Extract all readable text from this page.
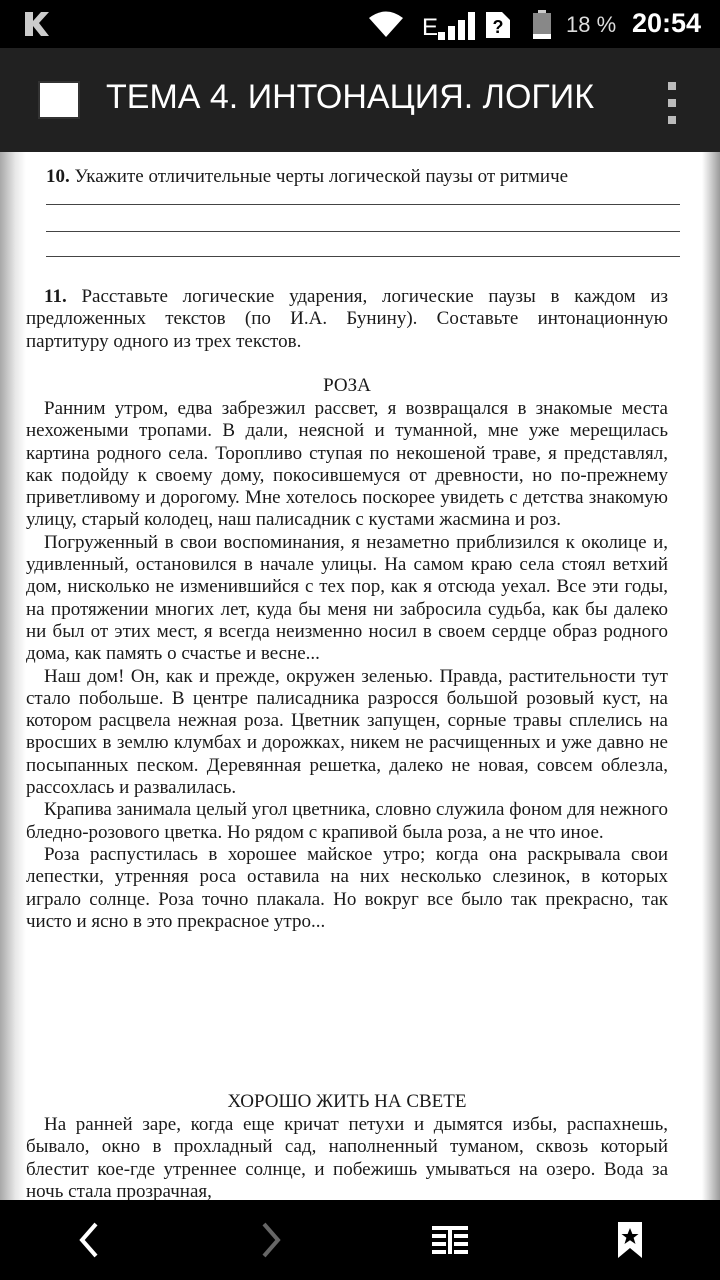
E	?	18 % 20:54
ТЕМА 4. ИНТОНАЦИЯ. ЛОГИК
10. Укажите отличительные черты логической паузы от ритмиче
11. Расставьте логические ударения, логические паузы в каждом из предложенных текстов (по И.А. Бунину). Составьте интонационную партитуру одного из трех текстов.
РОЗА

Ранним утром, едва забрезжил рассвет, я возвращался в знакомые места нехожеными тропами. В дали, неясной и туманной, мне уже мерещилась картина родного села. Торопливо ступая по некошеной траве, я представлял, как подойду к своему дому, покосившемуся от древности, но по-прежнему приветливому и дорогому. Мне хотелось поскорее увидеть с детства знакомую улицу, старый колодец, наш палисадник с кустами жасмина и роз.

Погруженный в свои воспоминания, я незаметно приблизился к околице и, удивленный, остановился в начале улицы. На самом краю села стоял ветхий дом, нисколько не изменившийся с тех пор, как я отсюда уехал. Все эти годы, на протяжении многих лет, куда бы меня ни забросила судьба, как бы далеко ни был от этих мест, я всегда неизменно носил в своем сердце образ родного дома, как память о счастье и весне...

Наш дом! Он, как и прежде, окружен зеленью. Правда, растительности тут стало побольше. В центре палисадника разросся большой розовый куст, на котором расцвела нежная роза. Цветник запущен, сорные травы сплелись на вросших в землю клумбах и дорожках, никем не расчищенных и уже давно не посыпанных песком. Деревянная решетка, далеко не новая, совсем облезла, рассохлась и развалилась.

Крапива занимала целый угол цветника, словно служила фоном для нежного бледно-розового цветка. Но рядом с крапивой была роза, а не что иное.

Роза распустилась в хорошее майское утро; когда она раскрывала свои лепестки, утренняя роса оставила на них несколько слезинок, в которых играло солнце. Роза точно плакала. Но вокруг все было так прекрасно, так чисто и ясно в это прекрасное утро...

ХОРОШО ЖИТЬ НА СВЕТЕ

На ранней заре, когда еще кричат петухи и дымятся избы, распахнешь, бывало, окно в прохладный сад, наполненный туманом, сквозь который блестит кое-где утреннее солнце, и побежишь умываться на озеро. Вода за ночь стала прозрачная,
